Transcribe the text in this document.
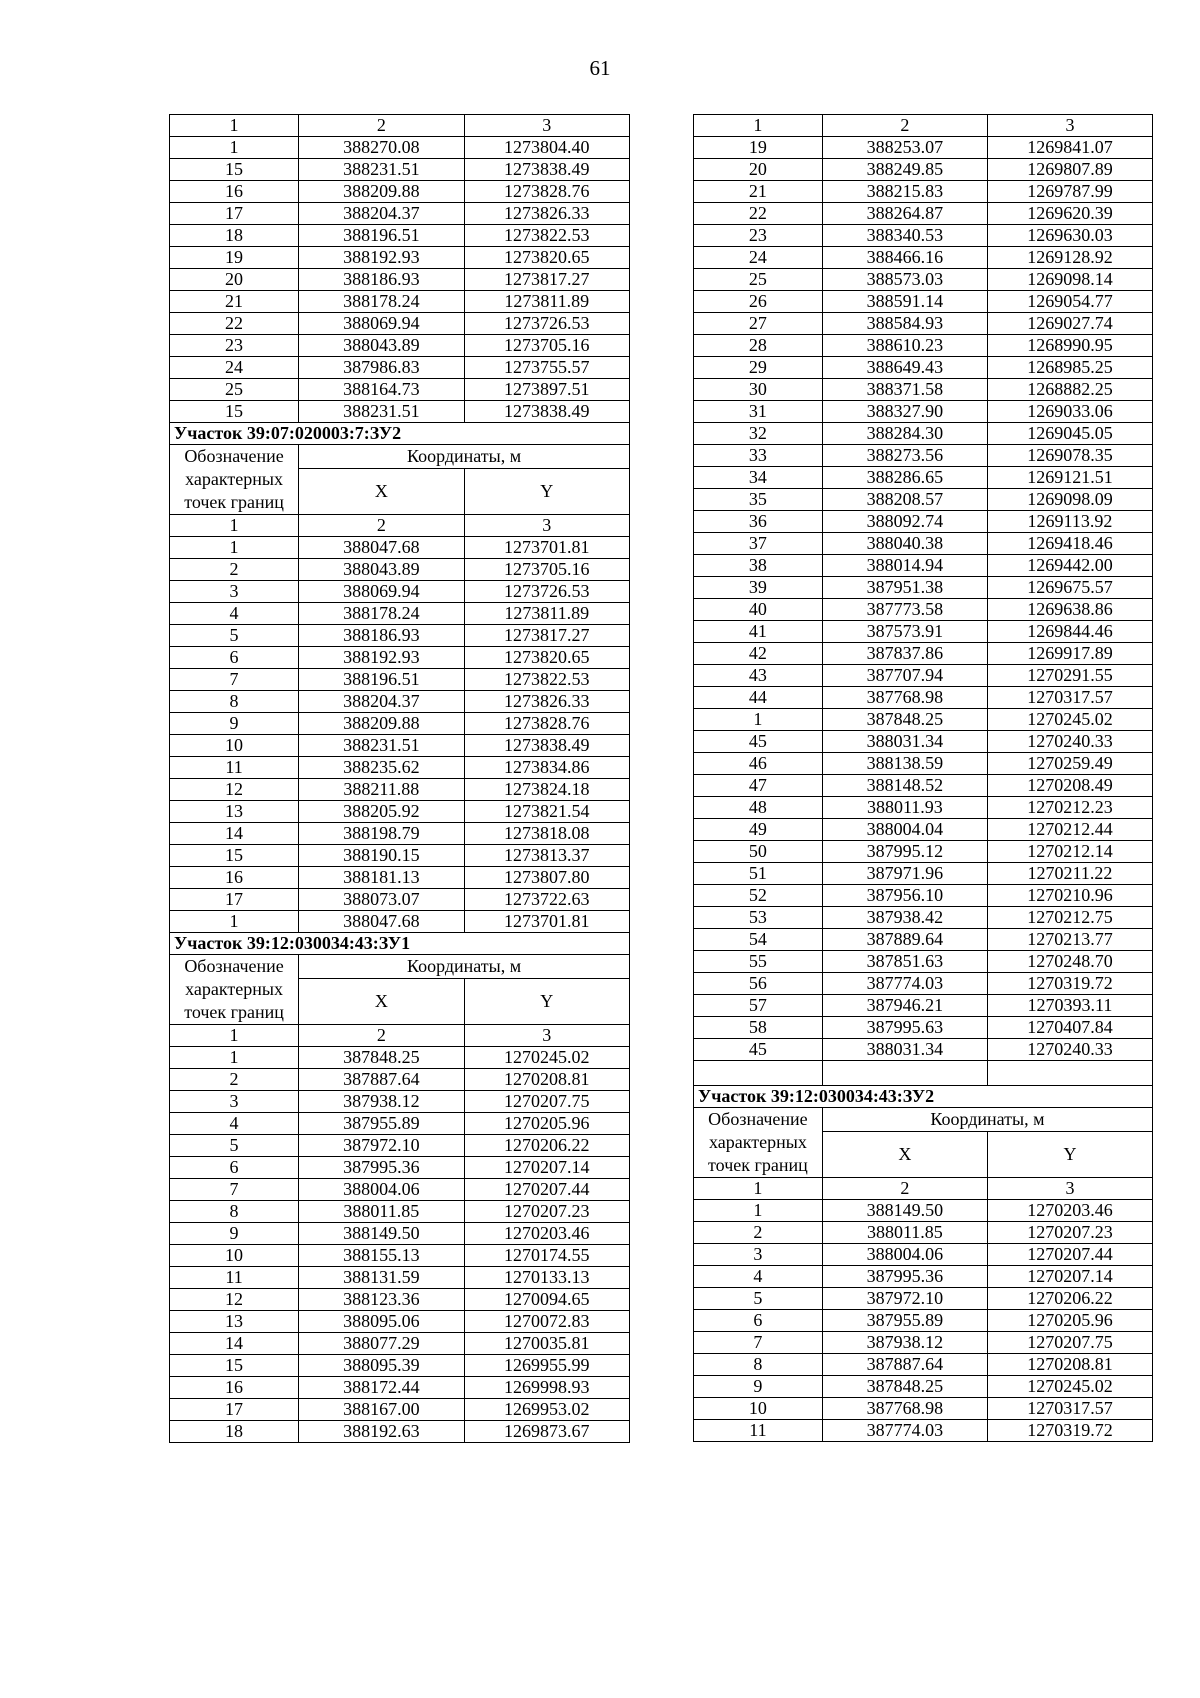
61
1	2	3
1	388270.08	1273804.40
15	388231.51	1273838.49
16	388209.88	1273828.76
17	388204.37	1273826.33
18	388196.51	1273822.53
19	388192.93	1273820.65
20	388186.93	1273817.27
21	388178.24	1273811.89
22	388069.94	1273726.53
23	388043.89	1273705.16
24	387986.83	1273755.57
25	388164.73	1273897.51
15	388231.51	1273838.49
Участок 39:07:020003:7:ЗУ2		
Обозначение характерных точек границ	Координаты, м	
	X	Y
1	2	3
1	388047.68	1273701.81
2	388043.89	1273705.16
3	388069.94	1273726.53
4	388178.24	1273811.89
5	388186.93	1273817.27
6	388192.93	1273820.65
7	388196.51	1273822.53
8	388204.37	1273826.33
9	388209.88	1273828.76
10	388231.51	1273838.49
11	388235.62	1273834.86
12	388211.88	1273824.18
13	388205.92	1273821.54
14	388198.79	1273818.08
15	388190.15	1273813.37
16	388181.13	1273807.80
17	388073.07	1273722.63
1	388047.68	1273701.81
Участок 39:12:030034:43:ЗУ1		
Обозначение характерных точек границ	Координаты, м	
	X	Y
1	2	3
1	387848.25	1270245.02
2	387887.64	1270208.81
3	387938.12	1270207.75
4	387955.89	1270205.96
5	387972.10	1270206.22
6	387995.36	1270207.14
7	388004.06	1270207.44
8	388011.85	1270207.23
9	388149.50	1270203.46
10	388155.13	1270174.55
11	388131.59	1270133.13
12	388123.36	1270094.65
13	388095.06	1270072.83
14	388077.29	1270035.81
15	388095.39	1269955.99
16	388172.44	1269998.93
17	388167.00	1269953.02
18	388192.63	1269873.67
1	2	3
19	388253.07	1269841.07
20	388249.85	1269807.89
21	388215.83	1269787.99
22	388264.87	1269620.39
23	388340.53	1269630.03
24	388466.16	1269128.92
25	388573.03	1269098.14
26	388591.14	1269054.77
27	388584.93	1269027.74
28	388610.23	1268990.95
29	388649.43	1268985.25
30	388371.58	1268882.25
31	388327.90	1269033.06
32	388284.30	1269045.05
33	388273.56	1269078.35
34	388286.65	1269121.51
35	388208.57	1269098.09
36	388092.74	1269113.92
37	388040.38	1269418.46
38	388014.94	1269442.00
39	387951.38	1269675.57
40	387773.58	1269638.86
41	387573.91	1269844.46
42	387837.86	1269917.89
43	387707.94	1270291.55
44	387768.98	1270317.57
1	387848.25	1270245.02
45	388031.34	1270240.33
46	388138.59	1270259.49
47	388148.52	1270208.49
48	388011.93	1270212.23
49	388004.04	1270212.44
50	387995.12	1270212.14
51	387971.96	1270211.22
52	387956.10	1270210.96
53	387938.42	1270212.75
54	387889.64	1270213.77
55	387851.63	1270248.70
56	387774.03	1270319.72
57	387946.21	1270393.11
58	387995.63	1270407.84
45	388031.34	1270240.33

Участок 39:12:030034:43:ЗУ2		
Обозначение характерных точек границ	Координаты, м	
	X	Y
1	2	3
1	388149.50	1270203.46
2	388011.85	1270207.23
3	388004.06	1270207.44
4	387995.36	1270207.14
5	387972.10	1270206.22
6	387955.89	1270205.96
7	387938.12	1270207.75
8	387887.64	1270208.81
9	387848.25	1270245.02
10	387768.98	1270317.57
11	387774.03	1270319.72
